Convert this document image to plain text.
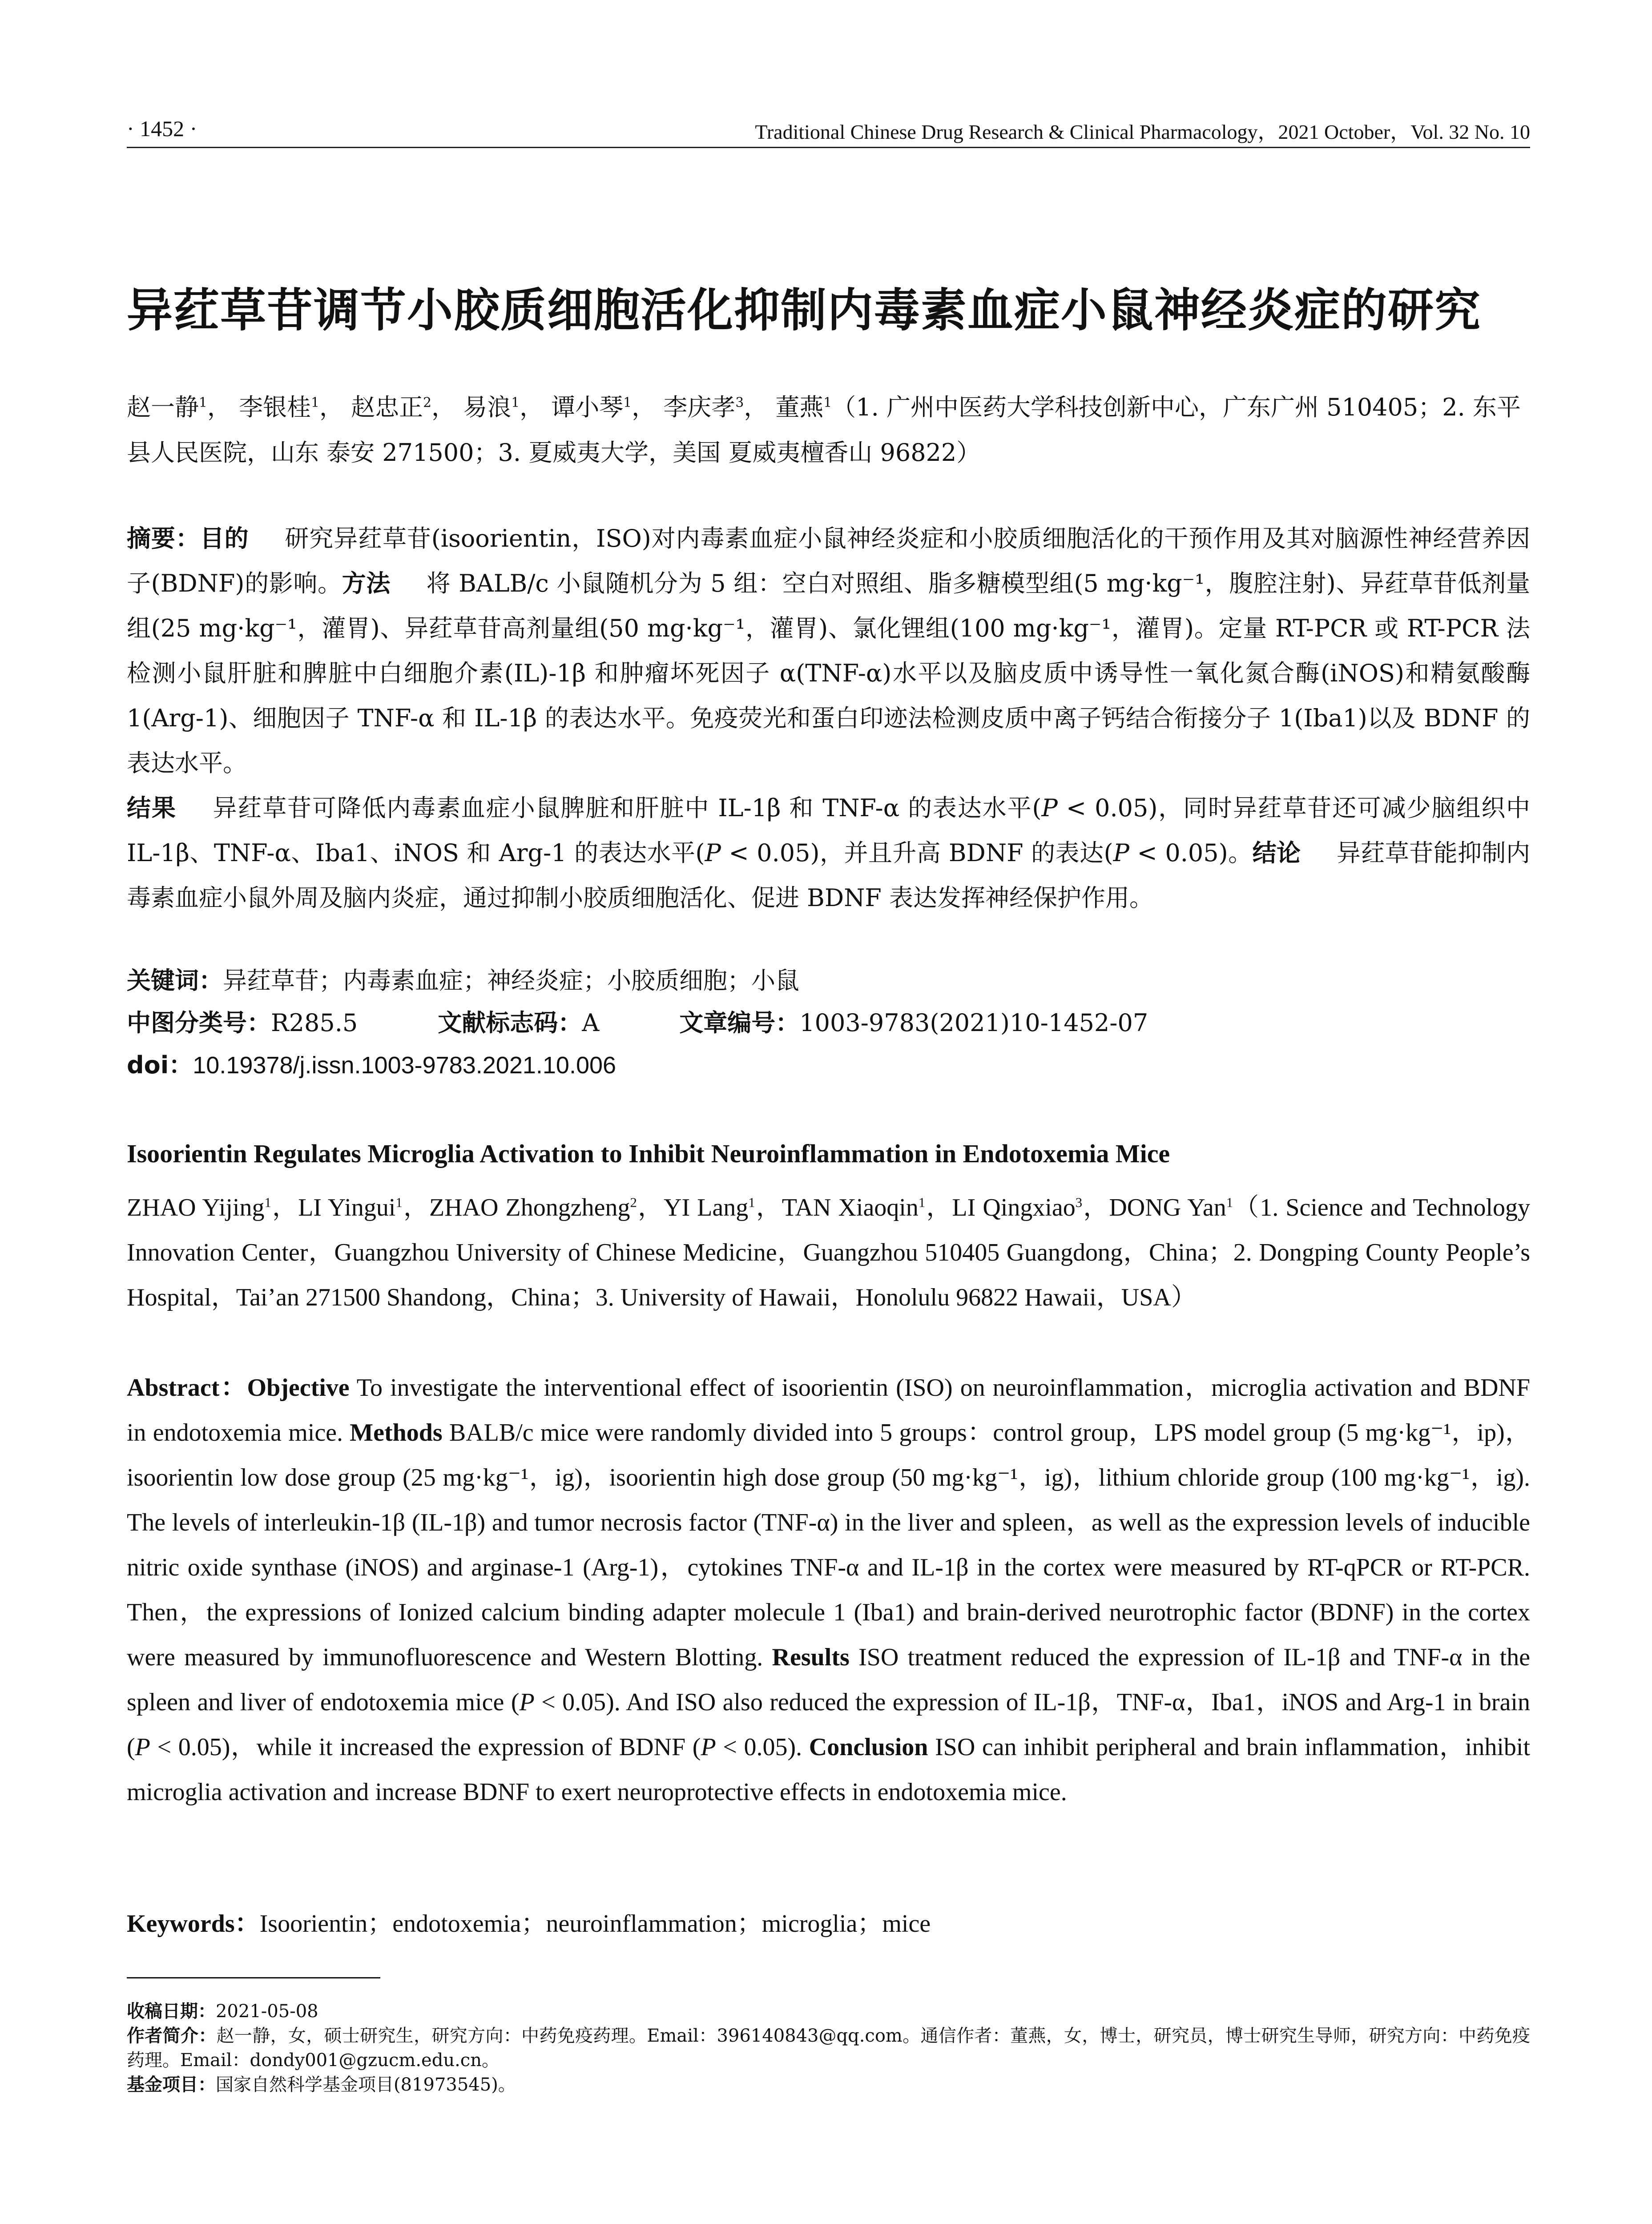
· 1452 ·	Traditional Chinese Drug Research & Clinical Pharmacology，2021 October，Vol. 32 No. 10
异荭草苷调节小胶质细胞活化抑制内毒素血症小鼠神经炎症的研究
赵一静$^1$， 李银桂$^1$， 赵忠正$^2$， 易浪$^1$， 谭小琴$^1$， 李庆孝$^3$， 董燕$^1$（1. 广州中医药大学科技创新中心，广东广州 510405；2. 东平县人民医院，山东 泰安 271500；3. 夏威夷大学，美国 夏威夷檀香山 96822）
摘要：目的 研究异荭草苷(isoorientin，ISO)对内毒素血症小鼠神经炎症和小胶质细胞活化的干预作用及其对脑源性神经营养因子(BDNF)的影响。方法 将 BALB/c 小鼠随机分为 5 组：空白对照组、脂多糖模型组(5 mg·kg⁻¹，腹腔注射)、异荭草苷低剂量组(25 mg·kg⁻¹，灌胃)、异荭草苷高剂量组(50 mg·kg⁻¹，灌胃)、氯化锂组(100 mg·kg⁻¹，灌胃)。定量 RT-PCR 或 RT-PCR 法检测小鼠肝脏和脾脏中白细胞介素(IL)-1β 和肿瘤坏死因子 α(TNF-α)水平以及脑皮质中诱导性一氧化氮合酶(iNOS)和精氨酸酶 1(Arg-1)、细胞因子 TNF-α 和 IL-1β 的表达水平。免疫荧光和蛋白印迹法检测皮质中离子钙结合衔接分子 1(Iba1)以及 BDNF 的表达水平。
结果 异荭草苷可降低内毒素血症小鼠脾脏和肝脏中 IL-1β 和 TNF-α 的表达水平(P < 0.05)，同时异荭草苷还可减少脑组织中 IL-1β、TNF-α、Iba1、iNOS 和 Arg-1 的表达水平(P < 0.05)，并且升高 BDNF 的表达(P < 0.05)。结论 异荭草苷能抑制内毒素血症小鼠外周及脑内炎症，通过抑制小胶质细胞活化、促进 BDNF 表达发挥神经保护作用。
关键词：异荭草苷；内毒素血症；神经炎症；小胶质细胞；小鼠
中图分类号：R285.5	文献标志码：A	文章编号：1003-9783(2021)10-1452-07
doi：10.19378/j.issn.1003-9783.2021.10.006
Isoorientin Regulates Microglia Activation to Inhibit Neuroinflammation in Endotoxemia Mice
ZHAO Yijing$^1$，LI Yingui$^1$，ZHAO Zhongzheng$^2$，YI Lang$^1$，TAN Xiaoqin$^1$，LI Qingxiao$^3$，DONG Yan$^1$（1. Science and Technology Innovation Center，Guangzhou University of Chinese Medicine，Guangzhou 510405 Guangdong，China；2. Dongping County People’s Hospital，Tai’an 271500 Shandong，China；3. University of Hawaii，Honolulu 96822 Hawaii，USA）
Abstract：Objective To investigate the interventional effect of isoorientin (ISO) on neuroinflammation，microglia activation and BDNF in endotoxemia mice. Methods BALB/c mice were randomly divided into 5 groups：control group，LPS model group (5 mg·kg⁻¹，ip)，isoorientin low dose group (25 mg·kg⁻¹，ig)，isoorientin high dose group (50 mg·kg⁻¹，ig)，lithium chloride group (100 mg·kg⁻¹，ig). The levels of interleukin-1β (IL-1β) and tumor necrosis factor (TNF-α) in the liver and spleen，as well as the expression levels of inducible nitric oxide synthase (iNOS) and arginase-1 (Arg-1)，cytokines TNF-α and IL-1β in the cortex were measured by RT-qPCR or RT-PCR. Then，the expressions of Ionized calcium binding adapter molecule 1 (Iba1) and brain-derived neurotrophic factor (BDNF) in the cortex were measured by immunofluorescence and Western Blotting. Results ISO treatment reduced the expression of IL-1β and TNF-α in the spleen and liver of endotoxemia mice (P < 0.05). And ISO also reduced the expression of IL-1β，TNF-α，Iba1，iNOS and Arg-1 in brain (P < 0.05)，while it increased the expression of BDNF (P < 0.05). Conclusion ISO can inhibit peripheral and brain inflammation，inhibit microglia activation and increase BDNF to exert neuroprotective effects in endotoxemia mice.
Keywords：Isoorientin；endotoxemia；neuroinflammation；microglia；mice

收稿日期：2021-05-08

作者简介：赵一静，女，硕士研究生，研究方向：中药免疫药理。Email：396140843@qq.com。通信作者：董燕，女，博士，研究员，博士研究生导师，研究方向：中药免疫药理。Email：dondy001@gzucm.edu.cn。

基金项目：国家自然科学基金项目(81973545)。
